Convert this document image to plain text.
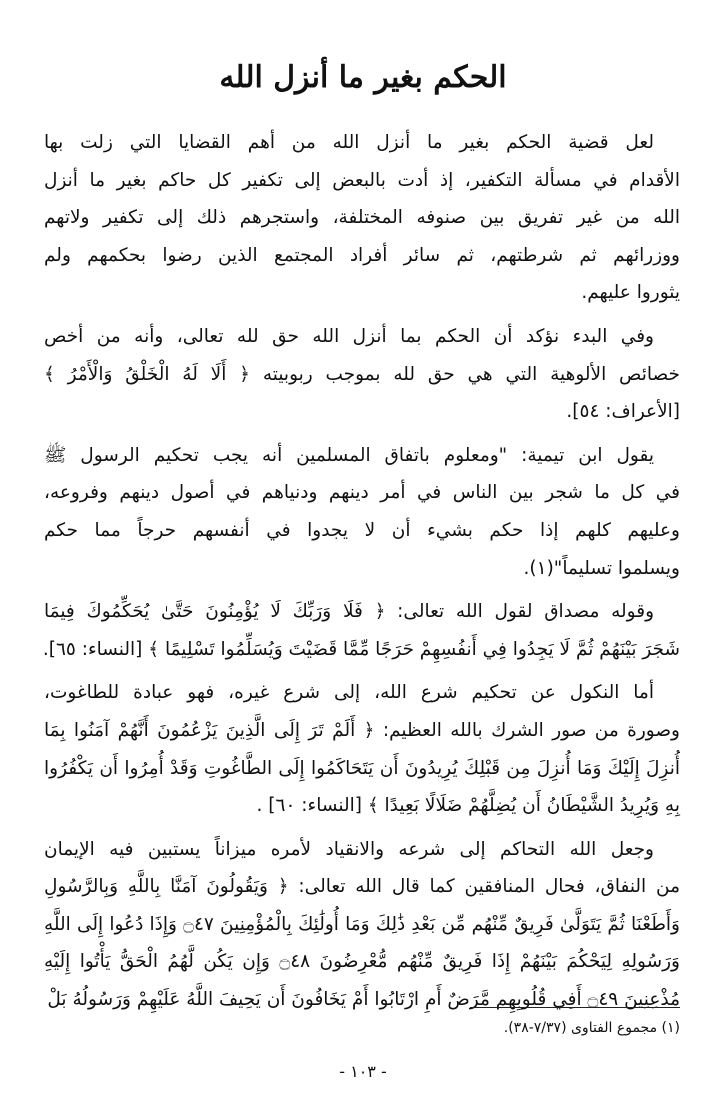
الحكم بغير ما أنزل الله
لعل قضية الحكم بغير ما أنزل الله من أهم القضايا التي زلت بها
الأقدام في مسألة التكفير، إذ أدت بالبعض إلى تكفير كل حاكم بغير ما أنزل
الله من غير تفريق بين صنوفه المختلفة، واستجرهم ذلك إلى تكفير ولاتهم
ووزرائهم ثم شرطتهم، ثم سائر أفراد المجتمع الذين رضوا بحكمهم ولم
يثوروا عليهم.
وفي البدء نؤكد أن الحكم بما أنزل الله حق لله تعالى، وأنه من أخص
خصائص الألوهية التي هي حق لله بموجب ربوبيته ﴿ أَلَا لَهُ الْخَلْقُ وَالْأَمْرُ ﴾
[الأعراف: ٥٤].
يقول ابن تيمية: "ومعلوم باتفاق المسلمين أنه يجب تحكيم الرسول ﷺ
في كل ما شجر بين الناس في أمر دينهم ودنياهم في أصول دينهم وفروعه،
وعليهم كلهم إذا حكم بشيء أن لا يجدوا في أنفسهم حرجاً مما حكم
ويسلموا تسليماً"(١).
وقوله مصداق لقول الله تعالى: ﴿ فَلَا وَرَبِّكَ لَا يُؤْمِنُونَ حَتَّىٰ يُحَكِّمُوكَ فِيمَا
شَجَرَ بَيْنَهُمْ ثُمَّ لَا يَجِدُوا فِي أَنفُسِهِمْ حَرَجًا مِّمَّا قَضَيْتَ وَيُسَلِّمُوا تَسْلِيمًا ﴾ [النساء: ٦٥].
أما النكول عن تحكيم شرع الله، إلى شرع غيره، فهو عبادة للطاغوت،
وصورة من صور الشرك بالله العظيم: ﴿ أَلَمْ تَرَ إِلَى الَّذِينَ يَزْعُمُونَ أَنَّهُمْ آمَنُوا بِمَا
أُنزِلَ إِلَيْكَ وَمَا أُنزِلَ مِن قَبْلِكَ يُرِيدُونَ أَن يَتَحَاكَمُوا إِلَى الطَّاغُوتِ وَقَدْ أُمِرُوا أَن يَكْفُرُوا
بِهِ وَيُرِيدُ الشَّيْطَانُ أَن يُضِلَّهُمْ ضَلَالًا بَعِيدًا ﴾ [النساء: ٦٠] .
وجعل الله التحاكم إلى شرعه والانقياد لأمره ميزاناً يستبين فيه الإيمان
من النفاق، فحال المنافقين كما قال الله تعالى: ﴿ وَيَقُولُونَ آمَنَّا بِاللَّهِ وَبِالرَّسُولِ
وَأَطَعْنَا ثُمَّ يَتَوَلَّىٰ فَرِيقٌ مِّنْهُم مِّن بَعْدِ ذَٰلِكَ وَمَا أُولَٰئِكَ بِالْمُؤْمِنِينَ ۝٤٧ وَإِذَا دُعُوا إِلَى اللَّهِ
وَرَسُولِهِ لِيَحْكُمَ بَيْنَهُمْ إِذَا فَرِيقٌ مِّنْهُم مُّعْرِضُونَ ۝٤٨ وَإِن يَكُن لَّهُمُ الْحَقُّ يَأْتُوا إِلَيْهِ
مُذْعِنِينَ ۝٤٩ أَفِي قُلُوبِهِم مَّرَضٌ أَمِ ارْتَابُوا أَمْ يَخَافُونَ أَن يَحِيفَ اللَّهُ عَلَيْهِمْ وَرَسُولُهُ بَلْ
(١) مجموع الفتاوى (٧/٣٧-٣٨).
- ١٠٣ -
